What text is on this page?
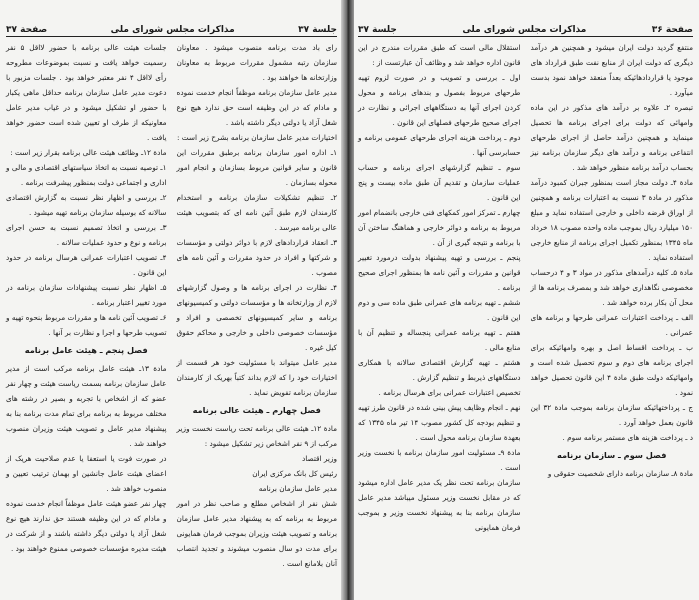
جلسة ۳۷
مذاکرات مجلس شورای ملی
صفحة ۳۷

رای باد مدت برنامه منصوب میشود . معاونان سازمان رتبه مشمول مقررات مربوط به معاونان وزارتخانه ها خواهند بود .

مدیر عامل سازمان برنامه موظفاً انجام خدمت نموده و مادام که در این وظیفه است حق ندارد هیچ نوع شغل آزاد یا دولتی دیگر داشته باشد .

اختیارات مدیر عامل سازمان برنامه بشرح زیر است :

۱ـ اداره امور سازمان برنامه برطبق مقررات این قانون و سایر قوانین مربوط بسازمان و انجام امور محوله بسازمان .

۲ـ تنظیم تشکیلات سازمان برنامه و استخدام کارمندان لازم طبق آئین نامه ای که بتصویب هیئت عالی برنامه میرسد .

۳ـ انعقاد قراردادهای لازم با دوائر دولتی و مؤسسات و شرکتها و افراد در حدود مقررات و آئین نامه های مصوب .

۴ـ نظارت در اجرای برنامه ها و وصول گزارشهای لازم از وزارتخانه ها و مؤسسات دولتی و کمیسیونهای برنامه و سایر کمیسیونهای تخصصی و افراد و مؤسسات خصوصی داخلی و خارجی و محاکم حقوق کیل غیره .

مدیر عامل میتواند با مسئولیت خود هر قسمت از اختیارات خود را که لازم بداند کتباً بهریک از کارمندان سازمان برنامه تفویض نماید .

فصل چهارم ـ هیئت عالی برنامه

مادة ۱۲ـ هیئت عالی برنامه تحت ریاست نخست وزیر مرکب از ۹ نفر اشخاص زیر تشکیل میشود :

وزیر اقتصاد

رئیس کل بانک مرکزی ایران

مدیر عامل سازمان برنامه

شش نفر از اشخاص مطلع و صاحب نظر در امور مربوط به برنامه که به پیشنهاد مدیر عامل سازمان برنامه و تصویب هیئت وزیران بموجب فرمان همایونی برای مدت دو سال منصوب میشوند و تجدید انتصاب آنان بلامانع است .

جلسات هیئت عالی برنامه با حضور لااقل ۵ نفر رسمیت خواهد یافت و نسبت بموضوعات مطروحه رأی لااقل ۴ نفر معتبر خواهد بود . جلسات مزبور با دعوت مدیر عامل سازمان برنامه حداقل ماهی یکبار با حضور او تشکیل میشود و در غیاب مدیر عامل معاونیکه از طرف او تعیین شده است حضور خواهد یافت .

مادة ۱۲ـ وظائف هیئت عالی برنامه بقرار زیر است :

۱ـ توصیه نسبت به اتخاذ سیاستهای اقتصادی و مالی و اداری و اجتماعی دولت بمنظور پیشرفت برنامه .

۲ـ بررسی و اظهار نظر نسبت به گزارش اقتصادی سالانه که بوسیله سازمان برنامه تهیه میشود .

۳ـ بررسی و اتخاذ تصمیم نسبت به حسن اجرای برنامه و نوع و حدود عملیات سالانه .

۴ـ تصویب اعتبارات عمرانی هرسال برنامه در حدود این قانون .

۵ـ اظهار نظر نسبت پیشنهادات سازمان برنامه در مورد تغییر اعتبار برنامه .

۶ـ تصویب آئین نامه ها و مقررات مربوط بنحوه تهیه و تصویب طرحها و اجرا و نظارت بر آنها .

فصل پنجم ـ هیئت عامل برنامه

مادة ۱۳ـ هیئت عامل برنامه مرکب است از مدیر عامل سازمان برنامه بسمت ریاست هیئت و چهار نفر عضو که از اشخاص با تجربه و بصیر در رشته های مختلف مربوط به برنامه برای تمام مدت برنامه بنا به پیشنهاد مدیر عامل و تصویب هیئت وزیران منصوب خواهند شد .

در صورت فوت یا استعفا یا عدم صلاحیت هریک از اعضای هیئت عامل جانشین او بهمان ترتیب تعیین و منصوب خواهد شد .

چهار نفر عضو هیئت عامل موظفاً انجام خدمت نموده و مادام که در این وظیفه هستند حق ندارند هیچ نوع شغل آزاد یا دولتی دیگر داشته باشند و از شرکت در هیئت مدیره مؤسسات خصوصی ممنوع خواهند بود .

صفحة ۳۶
مذاکرات مجلس شورای ملی
جلسة ۳۷

منتفع گردید دولت ایران میشود و همچنین هر درآمد دیگری که دولت ایران از منابع نفت طبق قرارداد های موجود یا قراردادهائیکه بعداً منعقد خواهد نمود بدست میآورد .

تبصره ۲ـ علاوه بر درآمد های مذکور در این ماده وامهائی که دولت برای اجرای برنامه ها تحصیل مینماید و همچنین درآمد حاصل از اجرای طرحهای انتفاعی برنامه و درآمد های دیگر سازمان برنامه نیز بحساب درآمد برنامه منظور خواهد شد .

مادة ۴ـ دولت مجاز است بمنظور جبران کمبود درآمد مذکور در مادة ۳ نسبت به اعتبارات برنامه و همچنین از اوراق قرضه داخلی و خارجی استفاده نماید و مبلغ ۱۵۰ میلیارد ریال بموجب ماده واحده مصوب ۱۸ خرداد ماه ۱۳۴۵ بمنظور تکمیل اجرای برنامه از منابع خارجی استفاده نماید .

مادة ۵ـ کلیه درآمدهای مذکور در مواد ۳ و ۴ درحساب مخصوصی نگاهداری خواهد شد و بمصرف برنامه ها از محل آن بکار برده خواهد شد .

الف ـ پرداخت اعتبارات عمرانی طرحها و برنامه های عمرانی .

ب ـ پرداخت اقساط اصل و بهره وامهائیکه برای اجرای برنامه های دوم و سوم تحصیل شده است و وامهائیکه دولت طبق مادة ۴ این قانون تحصیل خواهد نمود .

ج ـ پرداختهائیکه سازمان برنامه بموجب مادة ۳۲ این قانون بعمل خواهد آورد .

د ـ پرداخت هزینه های مستمر برنامه سوم .

فصل سوم ـ سازمان برنامه

مادة ۸ـ سازمان برنامه دارای شخصیت حقوقی و

استقلال مالی است که طبق مقررات مندرج در این قانون اداره خواهد شد و وظائف آن عبارتست از :

اول ـ بررسی و تصویب و در صورت لزوم تهیه طرحهای مربوط بفصول و بندهای برنامه و محول کردن اجرای آنها به دستگاههای اجرائی و نظارت در اجرای صحیح طرحهای فصلهای این قانون .

دوم ـ پرداخت هزینه اجرای طرحهای عمومی برنامه و حسابرسی آنها .

سوم ـ تنظیم گزارشهای اجرای برنامه و حساب عملیات سازمان و تقدیم آن طبق ماده بیست و پنج این قانون .

چهارم ـ تمرکز امور کمکهای فنی خارجی بانضمام امور مربوط به برنامه و دوائر خارجی و هماهنگ ساختن آن با برنامه و نتیجه گیری از آن .

پنجم ـ بررسی و تهیه پیشنهاد بدولت درمورد تغییر قوانین و مقررات و آئین نامه ها بمنظور اجرای صحیح برنامه .

ششم ـ تهیه برنامه های عمرانی طبق ماده سی و دوم این قانون .

هفتم ـ تهیه برنامه عمرانی پنجساله و تنظیم آن با منابع مالی .

هشتم ـ تهیه گزارش اقتصادی سالانه با همکاری دستگاههای ذیربط و تنظیم گزارش .

تخصیص اعتبارات عمرانی برای هرسال برنامه .

نهم ـ انجام وظایف پیش بینی شده در قانون طرز تهیه و تنظیم بودجه کل کشور مصوب ۱۴ تیر ماه ۱۳۴۵ که بعهدة سازمان برنامه محول است .

مادة ۹ـ مسئولیت امور سازمان برنامه با نخست وزیر است .

سازمان برنامه تحت نظر یک مدیر عامل اداره میشود که در مقابل نخست وزیر مسئول میباشد مدیر عامل سازمان برنامه بنا به پیشنهاد نخست وزیر و بموجب فرمان همایونی
